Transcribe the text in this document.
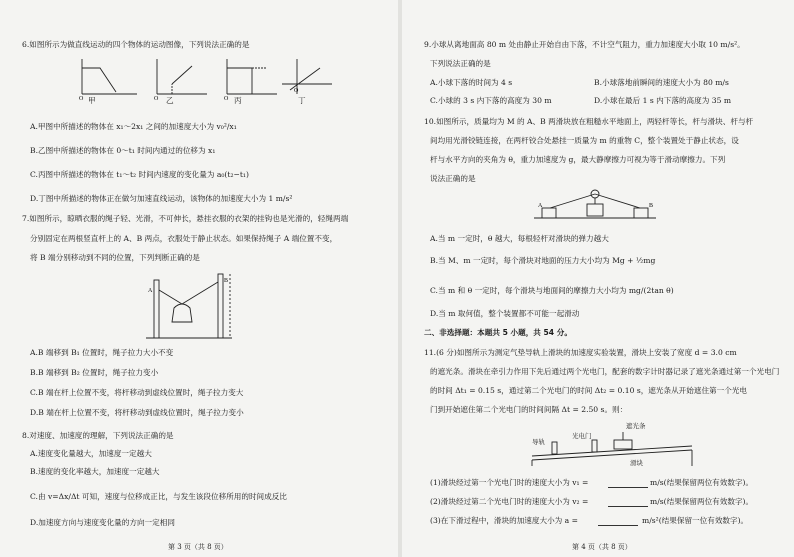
6.如图所示为做直线运动的四个物体的运动图像，下列说法正确的是
O	O	O
O
甲	乙	丙	丁
A.甲图中所描述的物体在 x₁～2x₁ 之间的加速度大小为 v₀²/x₁
B.乙图中所描述的物体在 0～t₁ 时间内通过的位移为 x₁
C.丙图中所描述的物体在 t₁～t₂ 时间内速度的变化量为 a₀(t₂−t₁)
D.丁图中所描述的物体正在做匀加速直线运动，该物体的加速度大小为 1 m/s²
7.如图所示，晾晒衣服的绳子轻、光滑，不可伸长，悬挂衣服的衣架的挂钩也是光滑的，轻绳两端
分别固定在两根竖直杆上的 A、B 两点，衣服处于静止状态。如果保持绳子 A 端位置不变，
将 B 端分别移动到不同的位置，下列判断正确的是
A
B
A.B 端移到 B₁ 位置时，绳子拉力大小不变
B.B 端移到 B₂ 位置时，绳子拉力变小
C.B 端在杆上位置不变，将杆移动到虚线位置时，绳子拉力变大
D.B 端在杆上位置不变，将杆移动到虚线位置时，绳子拉力变小
8.对速度、加速度的理解，下列说法正确的是
A.速度变化量越大，加速度一定越大
B.速度的变化率越大，加速度一定越大
C.由 v=Δx/Δt 可知，速度与位移成正比，与发生该段位移所用的时间成反比
D.加速度方向与速度变化量的方向一定相同
第 3 页（共 8 页）
9.小球从离地面高 80 m 处由静止开始自由下落，不计空气阻力，重力加速度大小取 10 m/s²。
下列说法正确的是
A.小球下落的时间为 4 s	B.小球落地前瞬间的速度大小为 80 m/s
C.小球的 3 s 内下落的高度为 30 m	D.小球在最后 1 s 内下落的高度为 35 m
10.如图所示，质量均为 M 的 A、B 两滑块放在粗糙水平地面上，两轻杆等长，杆与滑块、杆与杆
间均用光滑铰链连接，在两杆铰合处悬挂一质量为 m 的重物 C，整个装置处于静止状态，设
杆与水平方向的夹角为 θ，重力加速度为 g，最大静摩擦力可视为等于滑动摩擦力。下列
说法正确的是
A	B
A.当 m 一定时，θ 越大，每根轻杆对滑块的弹力越大
B.当 M、m 一定时，每个滑块对地面的压力大小均为 Mg + ½mg
C.当 m 和 θ 一定时，每个滑块与地面间的摩擦力大小均为 mg/(2tan θ)
D.当 m 取何值，整个装置都不可能一起滑动
二、非选择题：本题共 5 小题，共 54 分。
11.(6 分)如图所示为测定气垫导轨上滑块的加速度实验装置，滑块上安装了宽度 d = 3.0 cm
的遮光条。滑块在牵引力作用下先后通过两个光电门，配套的数字计时器记录了遮光条通过第一个光电门
的时间 Δt₁ = 0.15 s，通过第二个光电门的时间 Δt₂ = 0.10 s，遮光条从开始遮住第一个光电
门到开始遮住第二个光电门的时间间隔 Δt = 2.50 s。则：
遮光条
光电门
导轨
滑块
(1)滑块经过第一个光电门时的速度大小为 v₁ =	m/s(结果保留两位有效数字)。
(2)滑块经过第二个光电门时的速度大小为 v₂ =	m/s(结果保留两位有效数字)。
(3)在下滑过程中，滑块的加速度大小为 a =	m/s²(结果保留一位有效数字)。
第 4 页（共 8 页）
